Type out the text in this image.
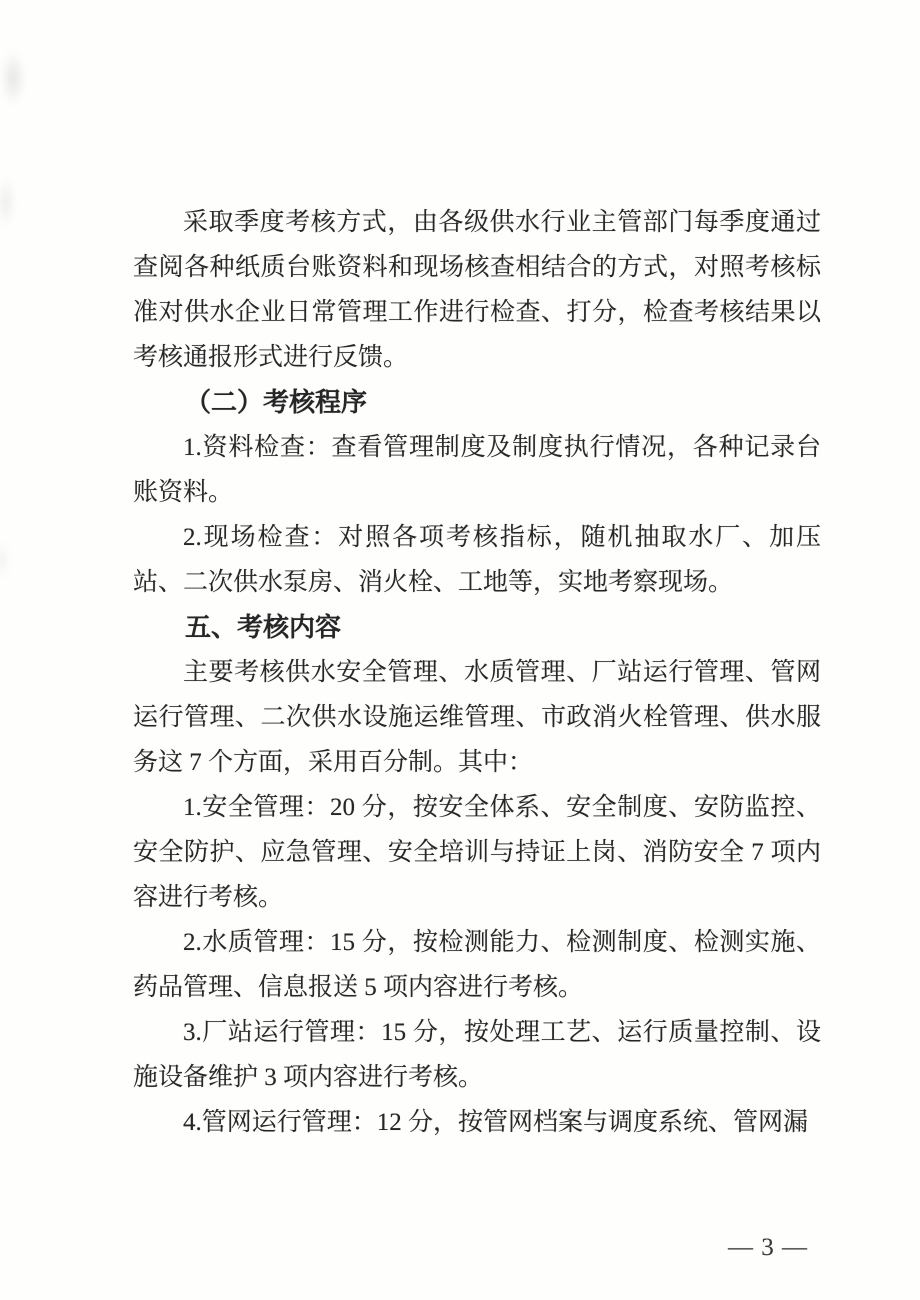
采取季度考核方式，由各级供水行业主管部门每季度通过查阅各种纸质台账资料和现场核查相结合的方式，对照考核标准对供水企业日常管理工作进行检查、打分，检查考核结果以考核通报形式进行反馈。

（二）考核程序

1.资料检查：查看管理制度及制度执行情况，各种记录台账资料。

2.现场检查：对照各项考核指标，随机抽取水厂、加压站、二次供水泵房、消火栓、工地等，实地考察现场。

五、考核内容

主要考核供水安全管理、水质管理、厂站运行管理、管网运行管理、二次供水设施运维管理、市政消火栓管理、供水服务这 7 个方面，采用百分制。其中：

1.安全管理：20 分，按安全体系、安全制度、安防监控、安全防护、应急管理、安全培训与持证上岗、消防安全 7 项内容进行考核。

2.水质管理：15 分，按检测能力、检测制度、检测实施、药品管理、信息报送 5 项内容进行考核。

3.厂站运行管理：15 分，按处理工艺、运行质量控制、设施设备维护 3 项内容进行考核。

4.管网运行管理：12 分，按管网档案与调度系统、管网漏

— 3 —
